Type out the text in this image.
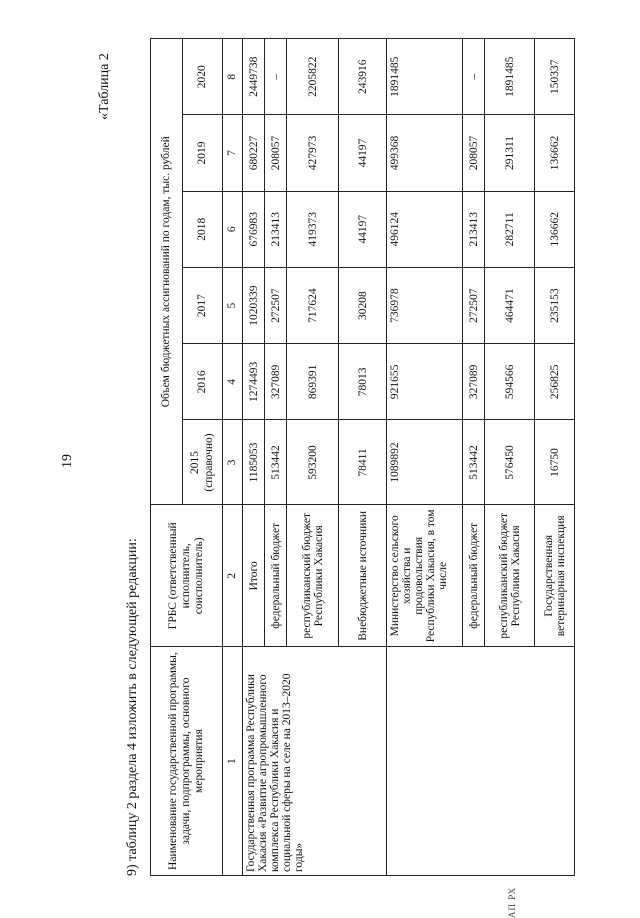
19
«Таблица 2
9) таблицу 2 раздела 4 изложить в следующей редакции:
АП РХ
Наименование государственной программы, задачи, подпрограммы, основного мероприятия	ГРБС (ответственный исполнитель, соисполнитель)	Объем бюджетных ассигнований по годам, тыс. рублей					
		2015 (справочно)	2016	2017	2018	2019	2020
1	2	3	4	5	6	7	8
Государственная программа Республики Хакасия «Развитие агропромышленного комплекса Республики Хакасия и социальной сферы на селе на 2013–2020 годы»	Итого	1185053	1274493	1020339	676983	680227	2449738
	федеральный бюджет	513442	327089	272507	213413	208057	–
	республиканский бюджет Республики Хакасия	593200	869391	717624	419373	427973	2205822
	Внебюджетные источники	78411	78013	30208	44197	44197	243916
	Министерство сельского хозяйства и продовольствия Республики Хакасия, в том числе	1089892	921655	736978	496124	499368	1891485
	федеральный бюджет	513442	327089	272507	213413	208057	–
	республиканский бюджет Республики Хакасия	576450	594566	464471	282711	291311	1891485
	Государственная ветеринарная инспекция	16750	256825	235153	136662	136662	150337
